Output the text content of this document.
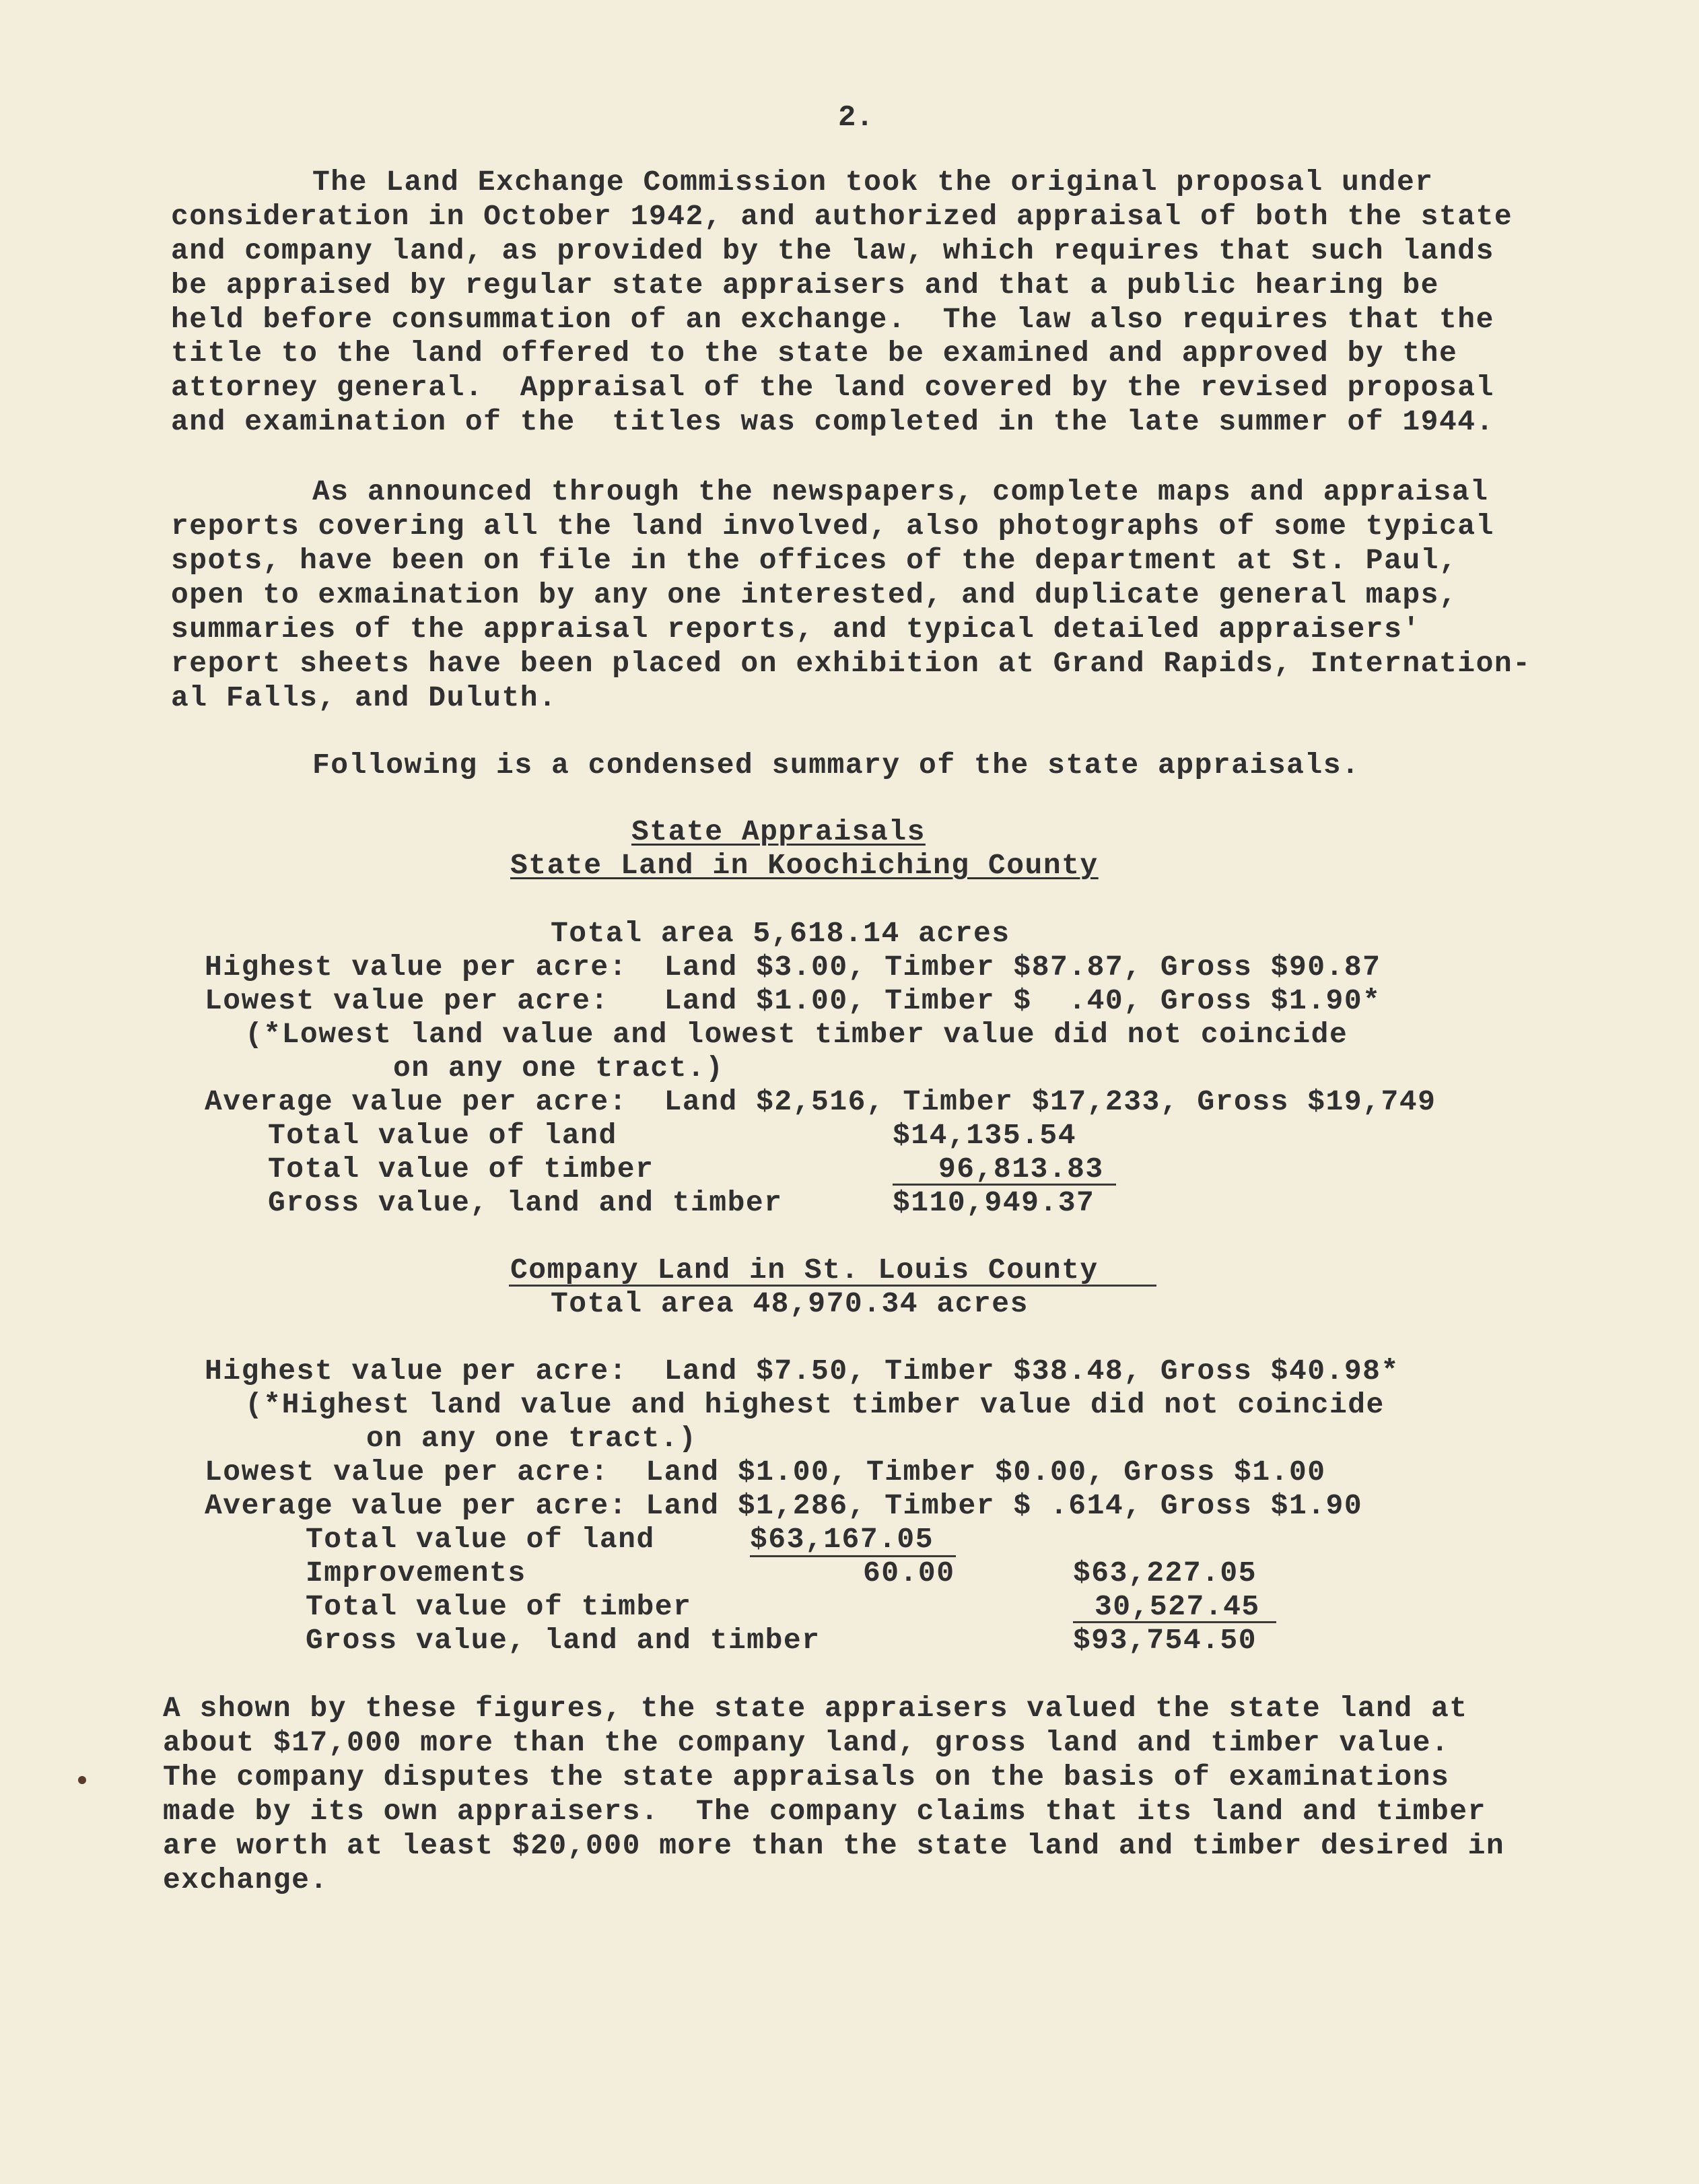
2.
The Land Exchange Commission took the original proposal under
consideration in October 1942, and authorized appraisal of both the state
and company land, as provided by the law, which requires that such lands
be appraised by regular state appraisers and that a public hearing be
held before consummation of an exchange.  The law also requires that the
title to the land offered to the state be examined and approved by the
attorney general.  Appraisal of the land covered by the revised proposal
and examination of the  titles was completed in the late summer of 1944.
As announced through the newspapers, complete maps and appraisal
reports covering all the land involved, also photographs of some typical
spots, have been on file in the offices of the department at St. Paul,
open to exmaination by any one interested, and duplicate general maps,
summaries of the appraisal reports, and typical detailed appraisers'
report sheets have been placed on exhibition at Grand Rapids, Internation-
al Falls, and Duluth.
Following is a condensed summary of the state appraisals.
State Appraisals
State Land in Koochiching County
Total area 5,618.14 acres
Highest value per acre:  Land $3.00, Timber $87.87, Gross $90.87
Lowest value per acre:   Land $1.00, Timber $  .40, Gross $1.90*
(*Lowest land value and lowest timber value did not coincide
on any one tract.)
Average value per acre:  Land $2,516, Timber $17,233, Gross $19,749
Total value of land	$14,135.54
Total value of timber	96,813.83
Gross value, land and timber	$110,949.37
Company Land in St. Louis County
Total area 48,970.34 acres
Highest value per acre:  Land $7.50, Timber $38.48, Gross $40.98*
(*Highest land value and highest timber value did not coincide
on any one tract.)
Lowest value per acre:  Land $1.00, Timber $0.00, Gross $1.00
Average value per acre: Land $1,286, Timber $ .614, Gross $1.90
Total value of land	$63,167.05
Improvements	60.00	$63,227.05
Total value of timber	30,527.45
Gross value, land and timber	$93,754.50
A shown by these figures, the state appraisers valued the state land at
about $17,000 more than the company land, gross land and timber value.
The company disputes the state appraisals on the basis of examinations
made by its own appraisers.  The company claims that its land and timber
are worth at least $20,000 more than the state land and timber desired in
exchange.
